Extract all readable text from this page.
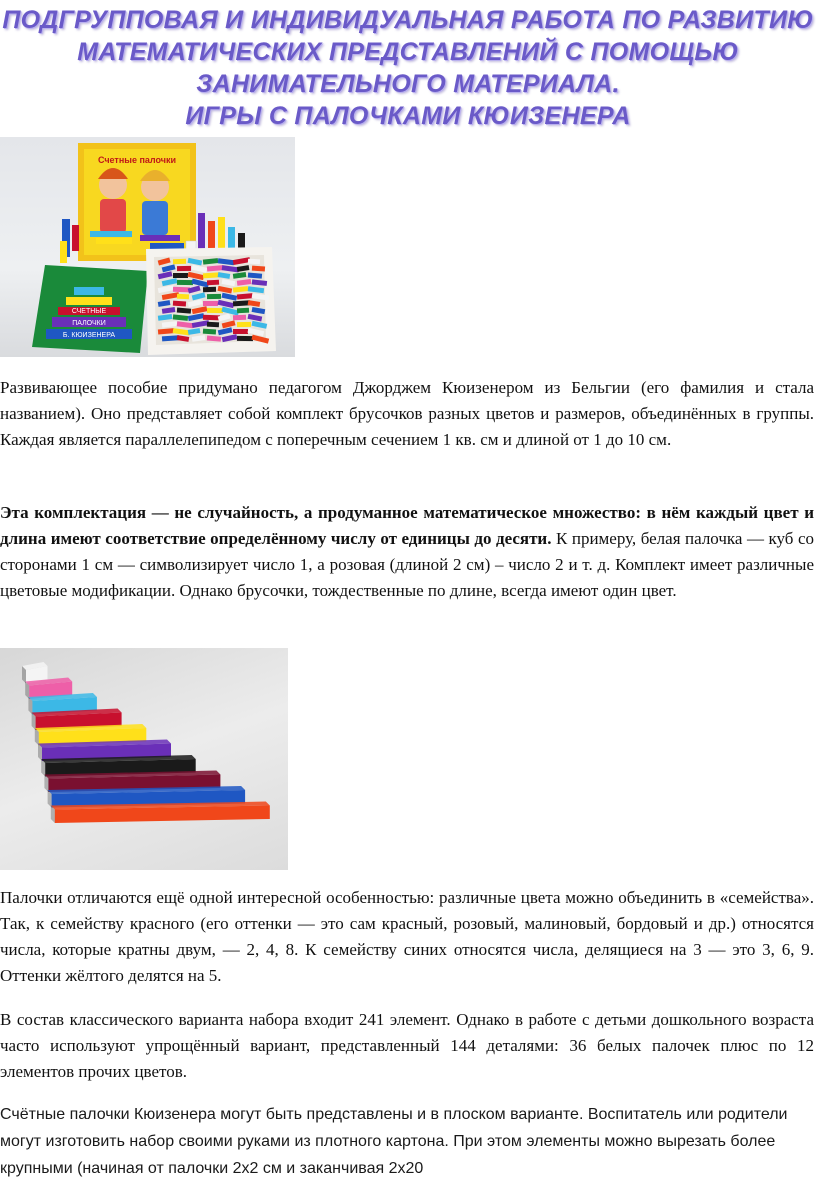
ПОДГРУППОВАЯ И ИНДИВИДУАЛЬНАЯ РАБОТА ПО РАЗВИТИЮ
МАТЕМАТИЧЕСКИХ ПРЕДСТАВЛЕНИЙ С ПОМОЩЬЮ
ЗАНИМАТЕЛЬНОГО МАТЕРИАЛА.
ИГРЫ С ПАЛОЧКАМИ КЮИЗЕНЕРА
Счетные палочки
СЧЕТНЫЕ
ПАЛОЧКИ
Б. КЮИЗЕНЕРА

Развивающее пособие придумано педагогом Джорджем Кюизенером из Бельгии (его фамилия и стала названием). Оно представляет собой комплект брусочков разных цветов и размеров, объединённых в группы. Каждая является параллелепипедом с поперечным сечением 1 кв. см и длиной от 1 до 10 см.

Эта комплектация — не случайность, а продуманное математическое множество: в нём каждый цвет и длина имеют соответствие определённому числу от единицы до десяти. К примеру, белая палочка — куб со сторонами 1 см — символизирует число 1, а розовая (длиной 2 см) – число 2 и т. д. Комплект имеет различные цветовые модификации. Однако брусочки, тождественные по длине, всегда имеют один цвет.

Палочки отличаются ещё одной интересной особенностью: различные цвета можно объединить в «семейства». Так, к семейству красного (его оттенки — это сам красный, розовый, малиновый, бордовый и др.) относятся числа, которые кратны двум, — 2, 4, 8. К семейству синих относятся числа, делящиеся на 3 — это 3, 6, 9. Оттенки жёлтого делятся на 5.

В состав классического варианта набора входит 241 элемент. Однако в работе с детьми дошкольного возраста часто используют упрощённый вариант, представленный 144 деталями: 36 белых палочек плюс по 12 элементов прочих цветов.

Счётные палочки Кюизенера могут быть представлены и в плоском варианте. Воспитатель или родители могут изготовить набор своими руками из плотного картона. При этом элементы можно вырезать более крупными (начиная от палочки 2х2 см и заканчивая 2х20
